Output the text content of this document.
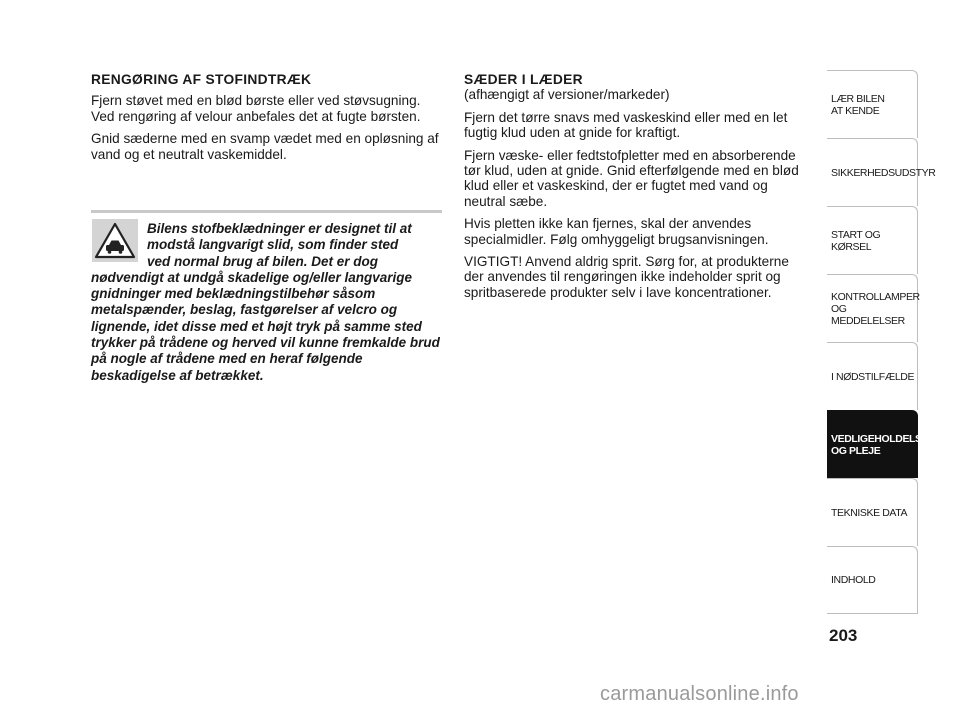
RENGØRING AF STOFINDTRÆK

Fjern støvet med en blød børste eller ved støvsugning. Ved rengøring af velour anbefales det at fugte børsten.

Gnid sæderne med en svamp vædet med en opløsning af vand og et neutralt vaskemiddel.

Bilens stofbeklædninger er designet til at
modstå langvarigt slid, som finder sted
ved normal brug af bilen. Det er dog
nødvendigt at undgå skadelige og/eller langvarige gnidninger med beklædningstilbehør såsom metalspænder, beslag, fastgørelser af velcro og lignende, idet disse med et højt tryk på samme sted trykker på trådene og herved vil kunne fremkalde brud på nogle af trådene med en heraf følgende beskadigelse af betrækket.
SÆDER I LÆDER

(afhængigt af versioner/markeder)

Fjern det tørre snavs med vaskeskind eller med en let fugtig klud uden at gnide for kraftigt.

Fjern væske- eller fedtstofpletter med en absorberende tør klud, uden at gnide. Gnid efterfølgende med en blød klud eller et vaskeskind, der er fugtet med vand og neutral sæbe.

Hvis pletten ikke kan fjernes, skal der anvendes specialmidler. Følg omhyggeligt brugsanvisningen.

VIGTIGT! Anvend aldrig sprit. Sørg for, at produkterne der anvendes til rengøringen ikke indeholder sprit og spritbaserede produkter selv i lave koncentrationer.

LÆR BILEN
AT KENDE
SIKKERHEDSUDSTYR
START OG KØRSEL
KONTROLLAMPER
OG MEDDELELSER
I NØDSTILFÆLDE
VEDLIGEHOLDELSE
OG PLEJE
TEKNISKE DATA
INDHOLD
203
carmanualsonline.info
